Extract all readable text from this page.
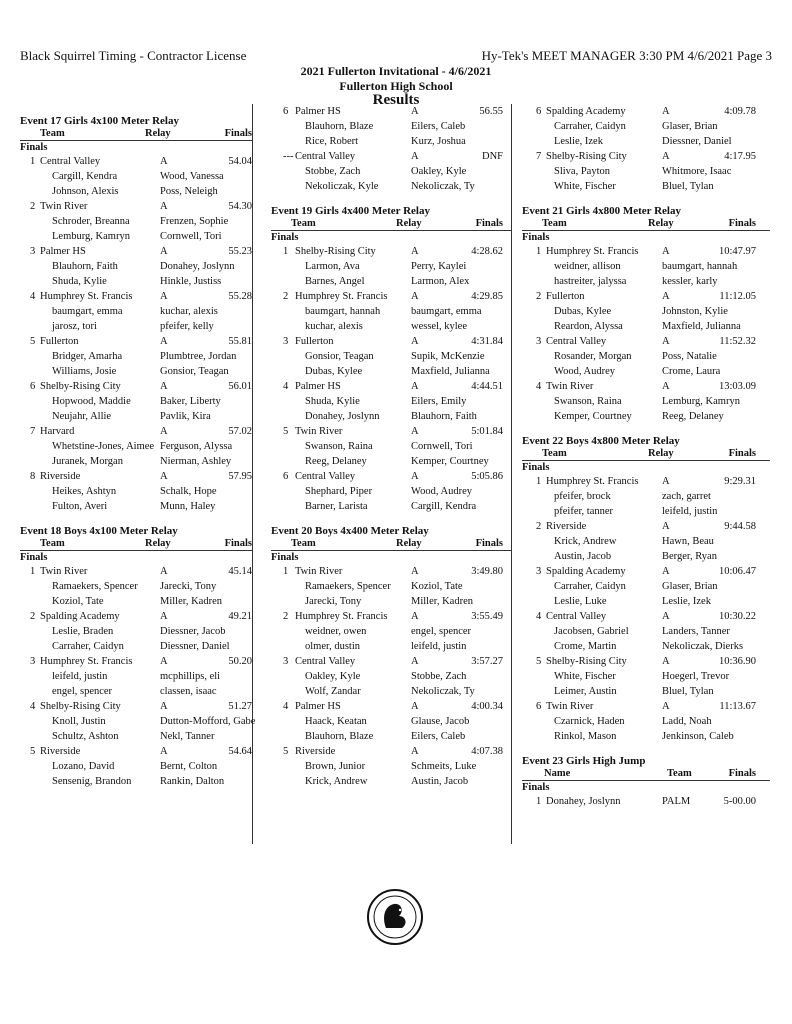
Black Squirrel Timing - Contractor License	Hy-Tek's MEET MANAGER 3:30 PM 4/6/2021 Page 3
2021 Fullerton Invitational - 4/6/2021
Fullerton High School
Results
Event 17 Girls 4x100 Meter Relay
Team	Relay	Finals
Finals
1 Central Valley	A	54.04
Cargill, Kendra	Wood, Vanessa
Johnson, Alexis	Poss, Neleigh
2 Twin River	A	54.30
Schroder, Breanna	Frenzen, Sophie
Lemburg, Kamryn	Cornwell, Tori
3 Palmer HS	A	55.23
Blauhorn, Faith	Donahey, Joslynn
Shuda, Kylie	Hinkle, Justiss
4 Humphrey St. Francis	A	55.28
baumgart, emma	kuchar, alexis
jarosz, tori	pfeifer, kelly
5 Fullerton	A	55.81
Bridger, Amarha	Plumbtree, Jordan
Williams, Josie	Gonsior, Teagan
6 Shelby-Rising City	A	56.01
Hopwood, Maddie	Baker, Liberty
Neujahr, Allie	Pavlik, Kira
7 Harvard	A	57.02
Whetstine-Jones, Aimee Ferguson, Alyssa
Juranek, Morgan	Nierman, Ashley
8 Riverside	A	57.95
Heikes, Ashtyn	Schalk, Hope
Fulton, Averi	Munn, Haley
Event 18 Boys 4x100 Meter Relay
Team	Relay	Finals
Finals
1 Twin River	A	45.14
Ramaekers, Spencer Jarecki, Tony
Koziol, Tate	Miller, Kadren
2 Spalding Academy	A	49.21
Leslie, Braden	Diessner, Jacob
Carraher, Caidyn	Diessner, Daniel
3 Humphrey St. Francis	A	50.20
leifeld, justin	mcphillips, eli
engel, spencer	classen, isaac
4 Shelby-Rising City	A	51.27
Knoll, Justin	Dutton-Mofford, Gabe
Schultz, Ashton	Nekl, Tanner
5 Riverside	A	54.64
Lozano, David	Bernt, Colton
Sensenig, Brandon	Rankin, Dalton
6 Palmer HS	A	56.55
Blauhorn, Blaze	Eilers, Caleb
Rice, Robert	Kurz, Joshua
--- Central Valley	A	DNF
Stobbe, Zach	Oakley, Kyle
Nekoliczak, Kyle	Nekoliczak, Ty
Event 19 Girls 4x400 Meter Relay
Team	Relay	Finals
Finals
1 Shelby-Rising City	A	4:28.62
Larmon, Ava	Perry, Kaylei
Barnes, Angel	Larmon, Alex
2 Humphrey St. Francis A	4:29.85
baumgart, hannah	baumgart, emma
kuchar, alexis	wessel, kylee
3 Fullerton	A	4:31.84
Gonsior, Teagan	Supik, McKenzie
Dubas, Kylee	Maxfield, Julianna
4 Palmer HS	A	4:44.51
Shuda, Kylie	Eilers, Emily
Donahey, Joslynn	Blauhorn, Faith
5 Twin River	A	5:01.84
Swanson, Raina	Cornwell, Tori
Reeg, Delaney	Kemper, Courtney
6 Central Valley	A	5:05.86
Shephard, Piper	Wood, Audrey
Barner, Larista	Cargill, Kendra
Event 20 Boys 4x400 Meter Relay
Team	Relay	Finals
Finals
1 Twin River	A	3:49.80
Ramaekers, Spencer Koziol, Tate
Jarecki, Tony	Miller, Kadren
2 Humphrey St. Francis A	3:55.49
weidner, owen	engel, spencer
olmer, dustin	leifeld, justin
3 Central Valley	A	3:57.27
Oakley, Kyle	Stobbe, Zach
Wolf, Zandar	Nekoliczak, Ty
4 Palmer HS	A	4:00.34
Haack, Keatan	Glause, Jacob
Blauhorn, Blaze	Eilers, Caleb
5 Riverside	A	4:07.38
Brown, Junior	Schmeits, Luke
Krick, Andrew	Austin, Jacob
6 Spalding Academy	A	4:09.78
Carraher, Caidyn	Glaser, Brian
Leslie, Izek	Diessner, Daniel
7 Shelby-Rising City	A	4:17.95
Sliva, Payton	Whitmore, Isaac
White, Fischer	Bluel, Tylan
Event 21 Girls 4x800 Meter Relay
Team	Relay	Finals
Finals
1 Humphrey St. Francis A	10:47.97
weidner, allison	baumgart, hannah
hastreiter, jalyssa	kessler, karly
2 Fullerton	A	11:12.05
Dubas, Kylee	Johnston, Kylie
Reardon, Alyssa	Maxfield, Julianna
3 Central Valley	A	11:52.32
Rosander, Morgan	Poss, Natalie
Wood, Audrey	Crome, Laura
4 Twin River	A	13:03.09
Swanson, Raina	Lemburg, Kamryn
Kemper, Courtney	Reeg, Delaney
Event 22 Boys 4x800 Meter Relay
Team	Relay	Finals
Finals
1 Humphrey St. Francis A	9:29.31
pfeifer, brock	zach, garret
pfeifer, tanner	leifeld, justin
2 Riverside	A	9:44.58
Krick, Andrew	Hawn, Beau
Austin, Jacob	Berger, Ryan
3 Spalding Academy	A	10:06.47
Carraher, Caidyn	Glaser, Brian
Leslie, Luke	Leslie, Izek
4 Central Valley	A	10:30.22
Jacobsen, Gabriel	Landers, Tanner
Crome, Martin	Nekoliczak, Dierks
5 Shelby-Rising City	A	10:36.90
White, Fischer	Hoegerl, Trevor
Leimer, Austin	Bluel, Tylan
6 Twin River	A	11:13.67
Czarnick, Haden	Ladd, Noah
Rinkol, Mason	Jenkinson, Caleb
Event 23 Girls High Jump
Name	Team	Finals
Finals
1 Donahey, Joslynn	PALM	5-00.00
